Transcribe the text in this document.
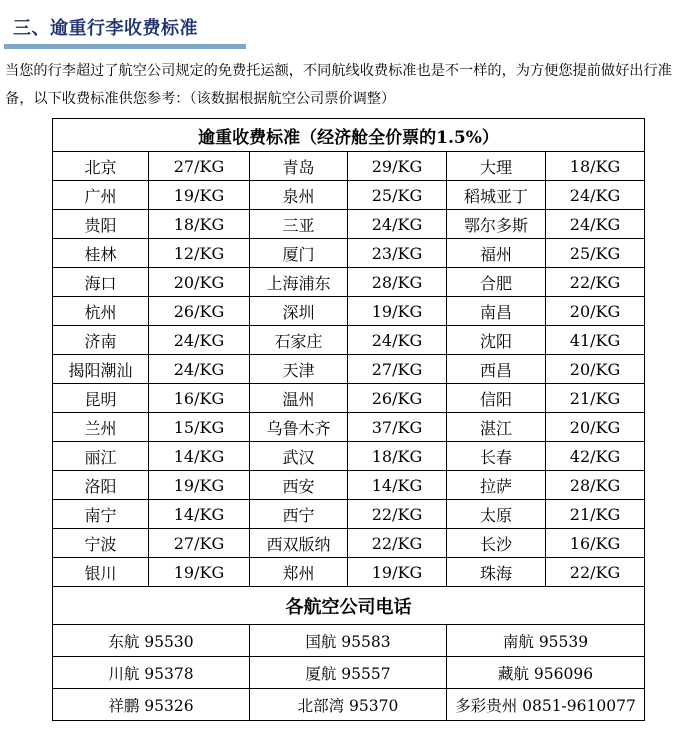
三、逾重行李收费标准
当您的行李超过了航空公司规定的免费托运额，不同航线收费标准也是不一样的，为方便您提前做好出行准备，以下收费标准供您参考：（该数据根据航空公司票价调整）
逾重收费标准（经济舱全价票的1.5%）					
北京	27/KG	青岛	29/KG	大理	18/KG
广州	19/KG	泉州	25/KG	稻城亚丁	24/KG
贵阳	18/KG	三亚	24/KG	鄂尔多斯	24/KG
桂林	12/KG	厦门	23/KG	福州	25/KG
海口	20/KG	上海浦东	28/KG	合肥	22/KG
杭州	26/KG	深圳	19/KG	南昌	20/KG
济南	24/KG	石家庄	24/KG	沈阳	41/KG
揭阳潮汕	24/KG	天津	27/KG	西昌	20/KG
昆明	16/KG	温州	26/KG	信阳	21/KG
兰州	15/KG	乌鲁木齐	37/KG	湛江	20/KG
丽江	14/KG	武汉	18/KG	长春	42/KG
洛阳	19/KG	西安	14/KG	拉萨	28/KG
南宁	14/KG	西宁	22/KG	太原	21/KG
宁波	27/KG	西双版纳	22/KG	长沙	16/KG
银川	19/KG	郑州	19/KG	珠海	22/KG
各航空公司电话					
东航 95530		国航 95583		南航 95539	
川航 95378		厦航 95557		藏航 956096	
祥鹏 95326		北部湾 95370		多彩贵州 0851-9610077	
